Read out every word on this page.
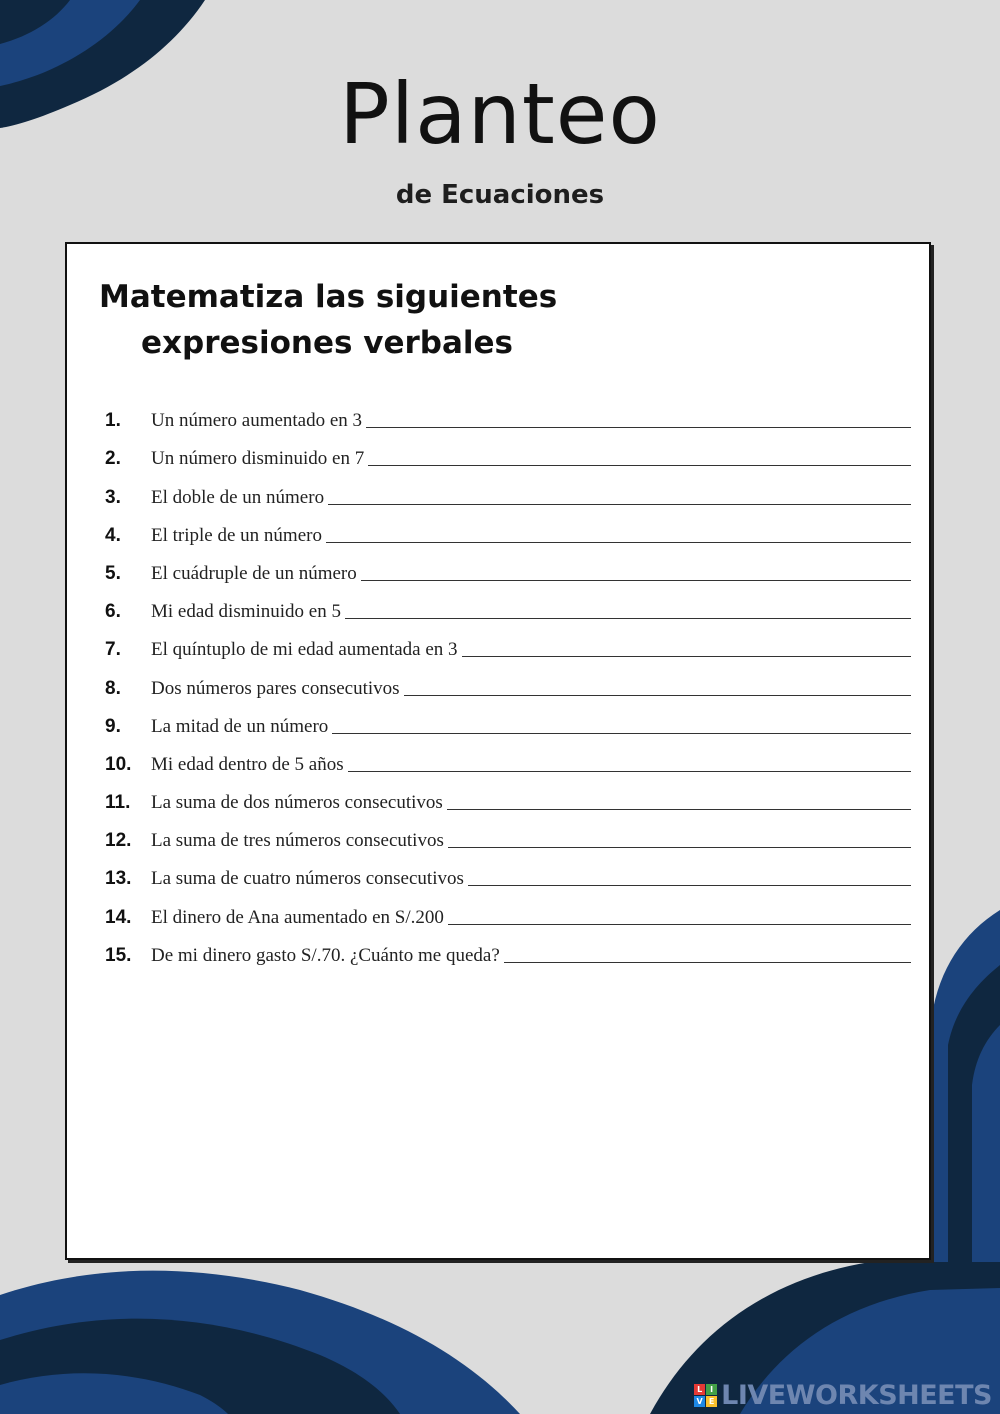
Planteo
de Ecuaciones
Matematiza las siguientes
expresiones verbales
1.	Un número aumentado en 3
2.	Un número disminuido en 7
3.	El doble de un número
4.	El triple de un número
5.	El cuádruple de un número
6.	Mi edad disminuido en 5
7.	El quíntuplo de mi edad aumentada en 3
8.	Dos números pares consecutivos
9.	La mitad de un número
10.	Mi edad dentro de 5 años
11.	La suma de dos números consecutivos
12.	La suma de tres números consecutivos
13.	La suma de cuatro números consecutivos
14.	El dinero de Ana aumentado en S/.200
15.	De mi dinero gasto S/.70. ¿Cuánto me queda?
L I
V E LIVEWORKSHEETS
